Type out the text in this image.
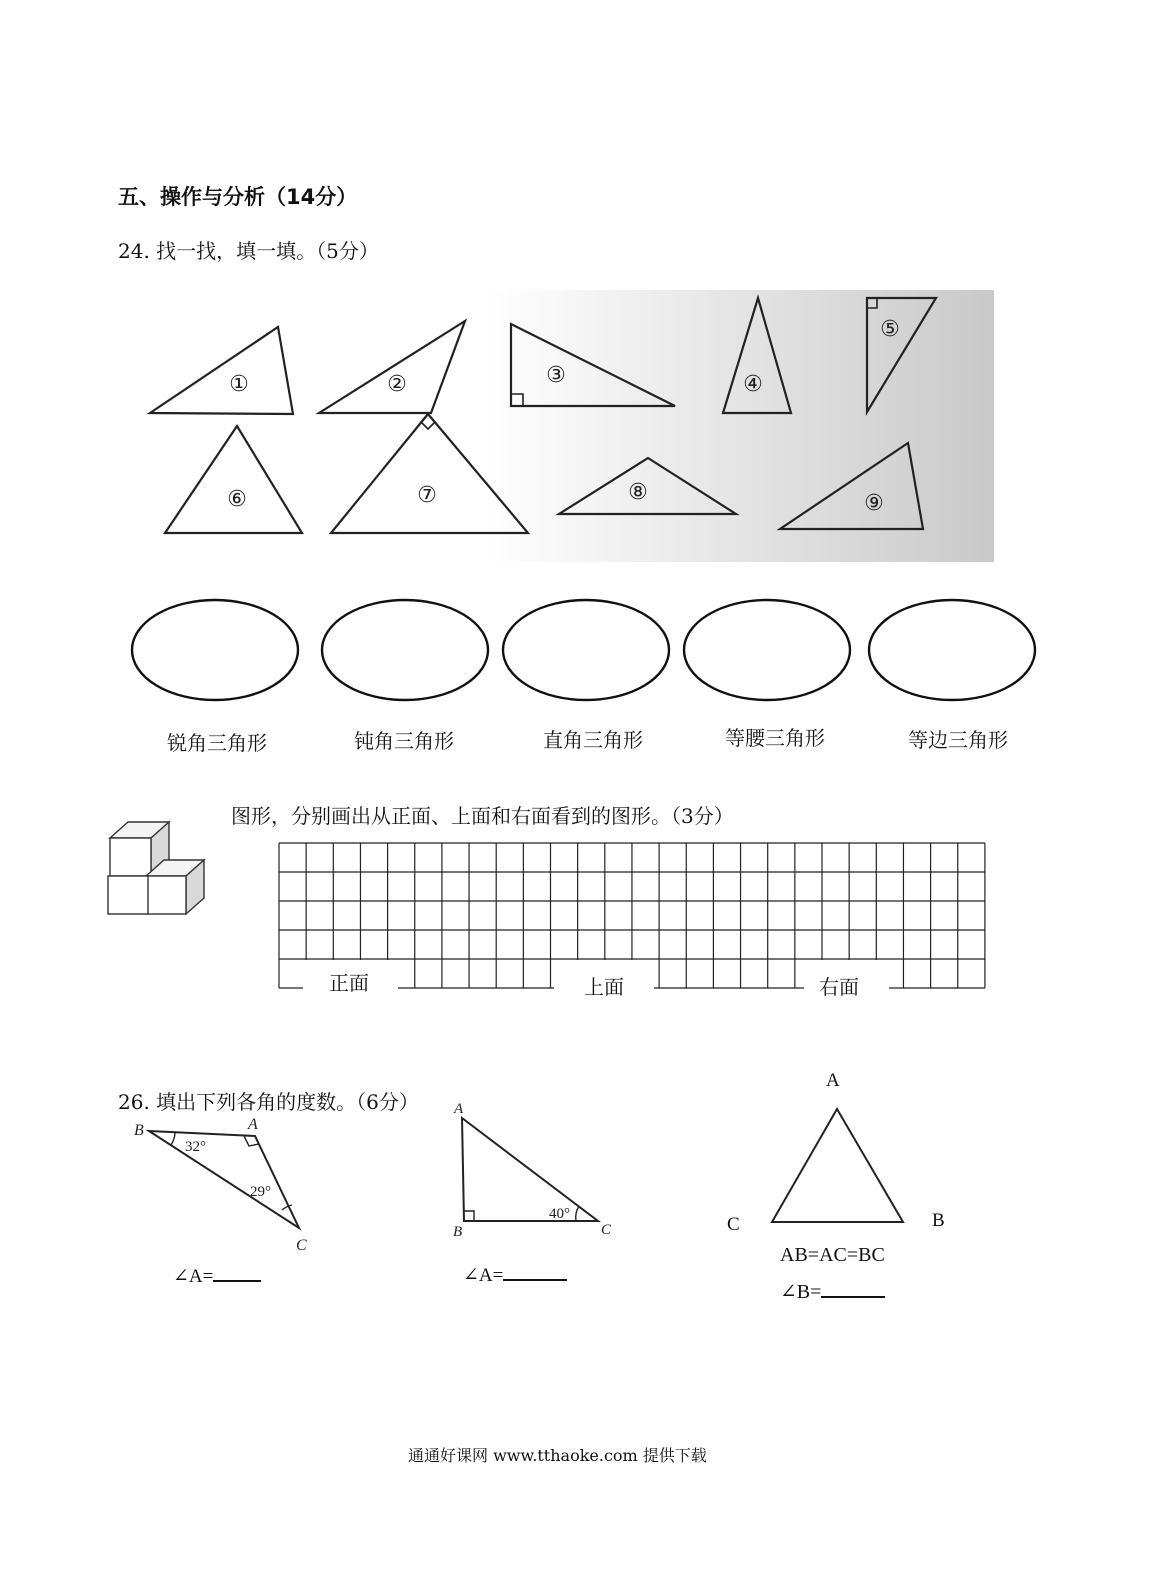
五、操作与分析（14分）
24. 找一找，填一填。（5分）
①	②	③	④
⑤
⑥	⑦	⑧	⑨
锐角三角形	钝角三角形	直角三角形	等腰三角形	等边三角形
图形，分别画出从正面、上面和右面看到的图形。（3分）
正面	上面	右面
26. 填出下列各角的度数。（6分）
B	A
C
32°
29°
∠A=
A
B	C
40°
∠A=
A
C	B
AB=AC=BC
∠B=
通通好课网 www.tthaoke.com 提供下载
